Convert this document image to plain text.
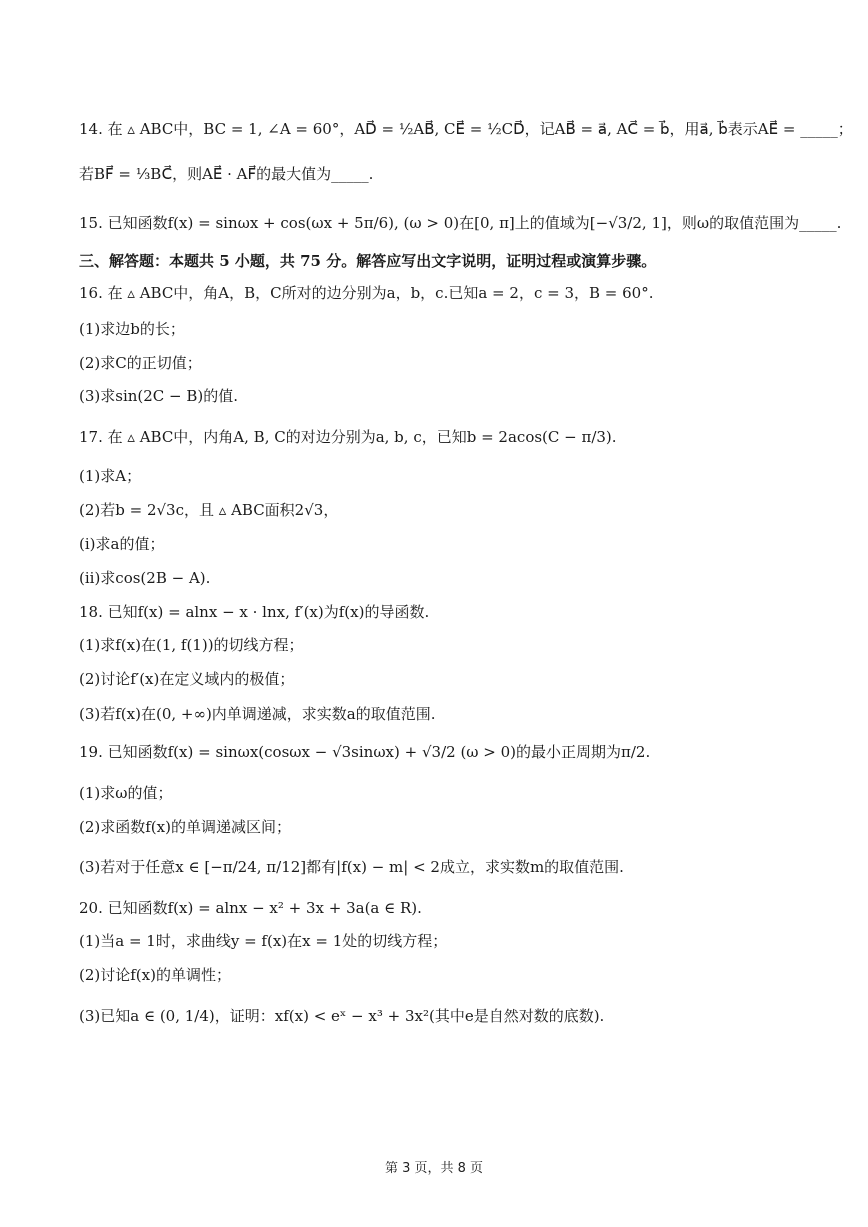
14. 在 ▵ ABC中，BC = 1, ∠A = 60°，AD⃗ = ½AB⃗, CE⃗ = ½CD⃗，记AB⃗ = a⃗, AC⃗ = b⃗，用a⃗, b⃗表示AE⃗ = _____；
若BF⃗ = ⅓BC⃗，则AE⃗ · AF⃗的最大值为_____.
15. 已知函数f(x) = sinωx + cos(ωx + 5π/6), (ω > 0)在[0, π]上的值域为[−√3/2, 1]，则ω的取值范围为_____.
三、解答题：本题共 5 小题，共 75 分。解答应写出文字说明，证明过程或演算步骤。
16. 在 ▵ ABC中，角A，B，C所对的边分别为a，b，c.已知a = 2，c = 3，B = 60°.
(1)求边b的长；
(2)求C的正切值；
(3)求sin(2C − B)的值.
17. 在 ▵ ABC中，内角A, B, C的对边分别为a, b, c，已知b = 2acos(C − π/3).
(1)求A；
(2)若b = 2√3c，且 ▵ ABC面积2√3，
(i)求a的值；
(ii)求cos(2B − A).
18. 已知f(x) = alnx − x · lnx, f′(x)为f(x)的导函数.
(1)求f(x)在(1, f(1))的切线方程；
(2)讨论f′(x)在定义域内的极值；
(3)若f(x)在(0, +∞)内单调递减，求实数a的取值范围.
19. 已知函数f(x) = sinωx(cosωx − √3sinωx) + √3/2 (ω > 0)的最小正周期为π/2.
(1)求ω的值；
(2)求函数f(x)的单调递减区间；
(3)若对于任意x ∈ [−π/24, π/12]都有|f(x) − m| < 2成立，求实数m的取值范围.
20. 已知函数f(x) = alnx − x² + 3x + 3a(a ∈ R).
(1)当a = 1时，求曲线y = f(x)在x = 1处的切线方程；
(2)讨论f(x)的单调性；
(3)已知a ∈ (0, 1/4)，证明：xf(x) < eˣ − x³ + 3x²(其中e是自然对数的底数).
第 3 页，共 8 页
